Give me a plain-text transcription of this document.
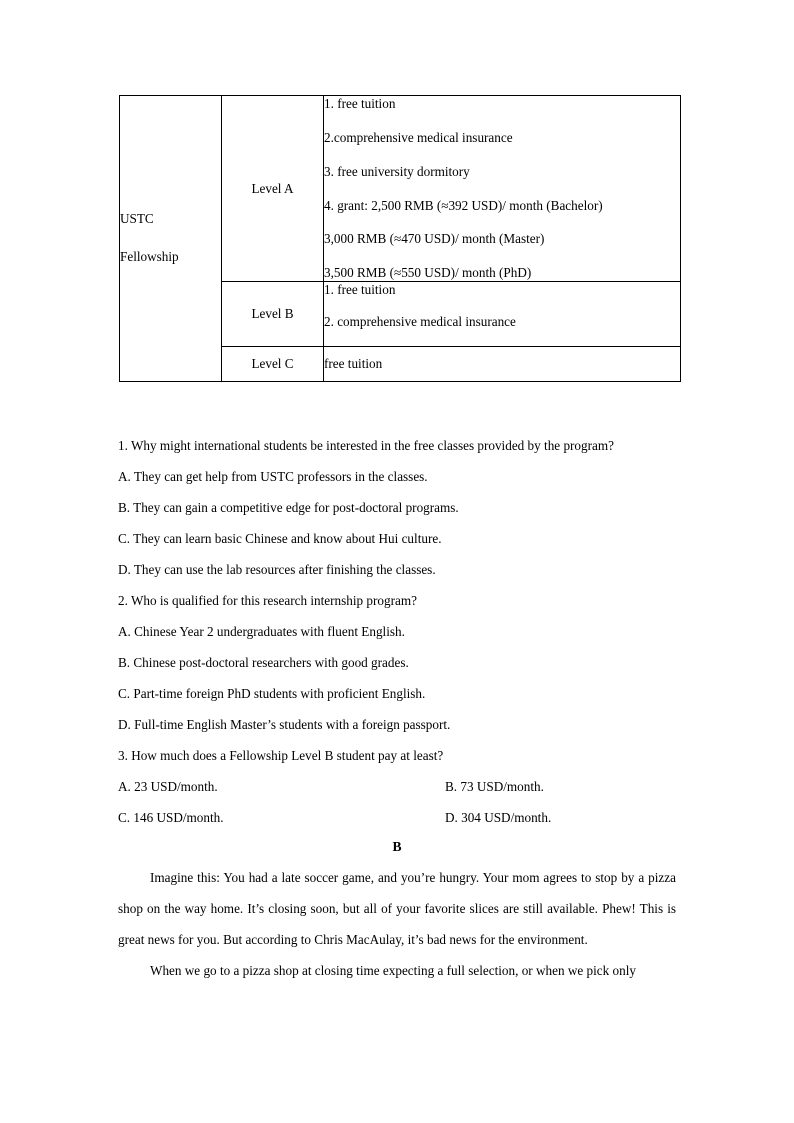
USTC
Fellowship
	Level A	
1. free tuition
2.comprehensive medical insurance
3. free university dormitory
4. grant: 2,500 RMB (≈392 USD)/ month (Bachelor)
3,000 RMB (≈470 USD)/ month (Master)
3,500 RMB (≈550 USD)/ month (PhD)

	Level B	1. free tuition
2. comprehensive medical insurance

	Level C	free tuition
1. Why might international students be interested in the free classes provided by the program?
A. They can get help from USTC professors in the classes.
B. They can gain a competitive edge for post-doctoral programs.
C. They can learn basic Chinese and know about Hui culture.
D. They can use the lab resources after finishing the classes.
2. Who is qualified for this research internship program?
A. Chinese Year 2 undergraduates with fluent English.
B. Chinese post-doctoral researchers with good grades.
C. Part-time foreign PhD students with proficient English.
D. Full-time English Master’s students with a foreign passport.
3. How much does a Fellowship Level B student pay at least?
A. 23 USD/month.	B. 73 USD/month.
C. 146 USD/month.	D. 304 USD/month.
B

Imagine this: You had a late soccer game, and you’re hungry. Your mom agrees to stop by a pizza shop on the way home. It’s closing soon, but all of your favorite slices are still available. Phew! This is great news for you. But according to Chris MacAulay, it’s bad news for the environment.

When we go to a pizza shop at closing time expecting a full selection, or when we pick only
